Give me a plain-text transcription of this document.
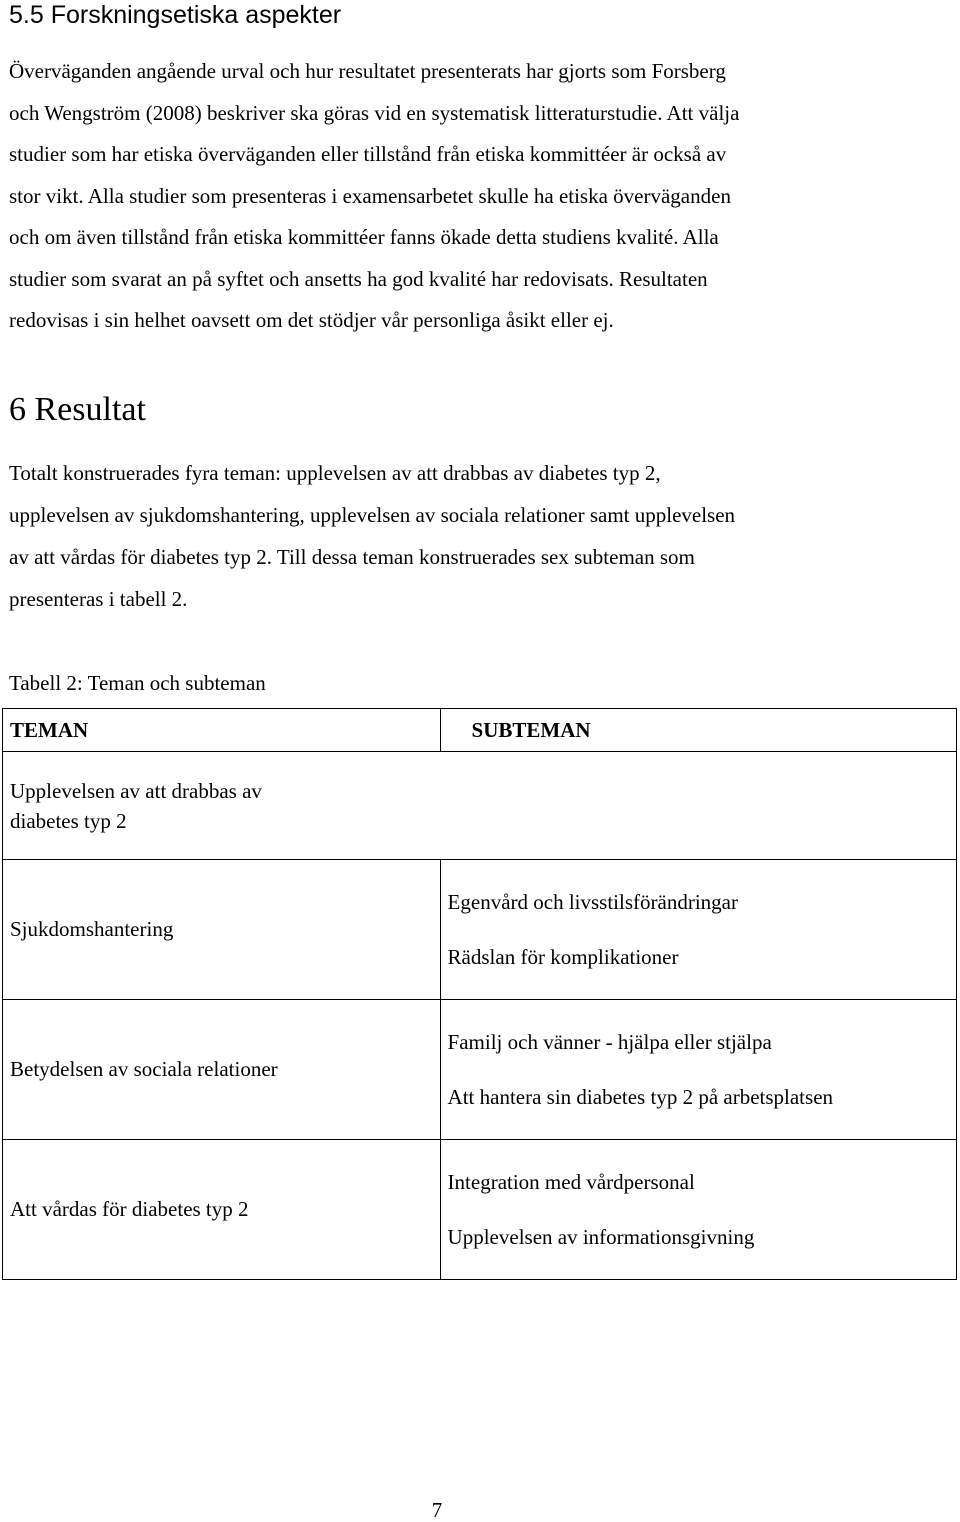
5.5 Forskningsetiska aspekter

Överväganden angående urval och hur resultatet presenterats har gjorts som Forsberg
och Wengström (2008) beskriver ska göras vid en systematisk litteraturstudie. Att välja
studier som har etiska överväganden eller tillstånd från etiska kommittéer är också av
stor vikt. Alla studier som presenteras i examensarbetet skulle ha etiska överväganden
och om även tillstånd från etiska kommittéer fanns ökade detta studiens kvalité. Alla
studier som svarat an på syftet och ansetts ha god kvalité har redovisats. Resultaten
redovisas i sin helhet oavsett om det stödjer vår personliga åsikt eller ej.

6 Resultat

Totalt konstruerades fyra teman: upplevelsen av att drabbas av diabetes typ 2,
upplevelsen av sjukdomshantering, upplevelsen av sociala relationer samt upplevelsen
av att vårdas för diabetes typ 2. Till dessa teman konstruerades sex subteman som
presenteras i tabell 2.

Tabell 2: Teman och subteman

TEMAN	SUBTEMAN

Upplevelsen av att drabbas av
diabetes typ 2	

Sjukdomshantering	Egenvård och livsstilsförändringar
Rädslan för komplikationer

Betydelsen av sociala relationer	Familj och vänner - hjälpa eller stjälpa
Att hantera sin diabetes typ 2 på arbetsplatsen

Att vårdas för diabetes typ 2	Integration med vårdpersonal
Upplevelsen av informationsgivning

7
